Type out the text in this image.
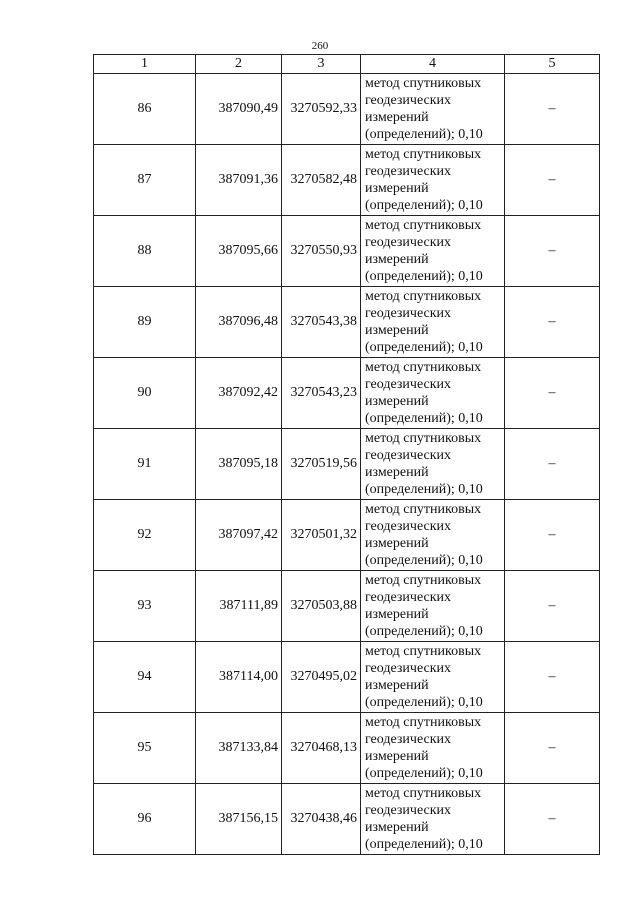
260
1	2	3	4	5
86	387090,49	3270592,33	метод спутниковых
геодезических
измерений
(определений); 0,10	–
87	387091,36	3270582,48	метод спутниковых
геодезических
измерений
(определений); 0,10	–
88	387095,66	3270550,93	метод спутниковых
геодезических
измерений
(определений); 0,10	–
89	387096,48	3270543,38	метод спутниковых
геодезических
измерений
(определений); 0,10	–
90	387092,42	3270543,23	метод спутниковых
геодезических
измерений
(определений); 0,10	–
91	387095,18	3270519,56	метод спутниковых
геодезических
измерений
(определений); 0,10	–
92	387097,42	3270501,32	метод спутниковых
геодезических
измерений
(определений); 0,10	–
93	387111,89	3270503,88	метод спутниковых
геодезических
измерений
(определений); 0,10	–
94	387114,00	3270495,02	метод спутниковых
геодезических
измерений
(определений); 0,10	–
95	387133,84	3270468,13	метод спутниковых
геодезических
измерений
(определений); 0,10	–
96	387156,15	3270438,46	метод спутниковых
геодезических
измерений
(определений); 0,10	–
